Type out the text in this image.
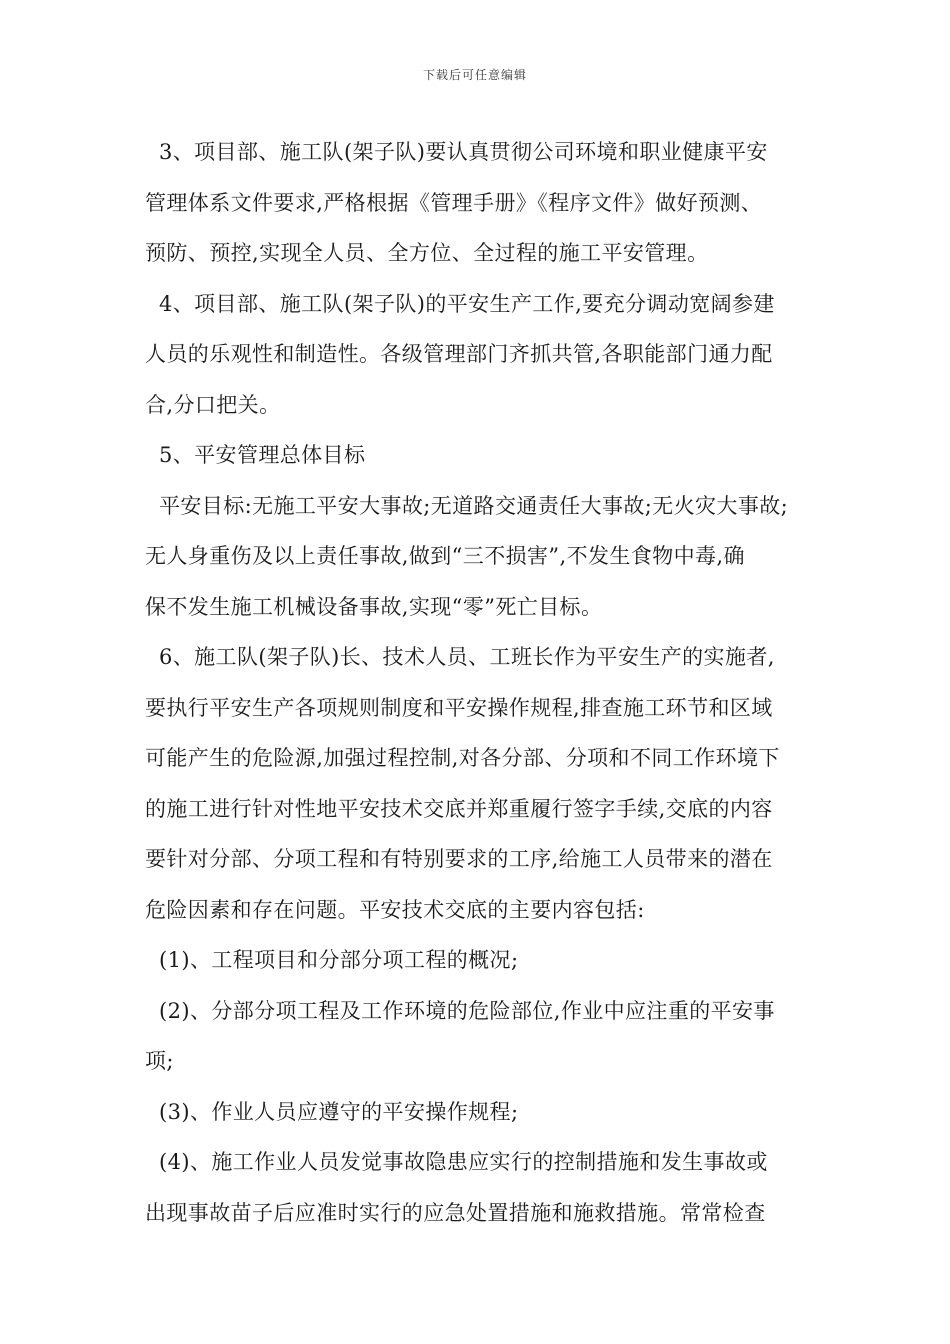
下载后可任意编辑
3、项目部、施工队(架子队)要认真贯彻公司环境和职业健康平安
管理体系文件要求,严格根据《管理手册》《程序文件》做好预测、
预防、预控,实现全人员、全方位、全过程的施工平安管理。
4、项目部、施工队(架子队)的平安生产工作,要充分调动宽阔参建
人员的乐观性和制造性。各级管理部门齐抓共管,各职能部门通力配
合,分口把关。
5、平安管理总体目标
平安目标:无施工平安大事故;无道路交通责任大事故;无火灾大事故;
无人身重伤及以上责任事故,做到“三不损害”,不发生食物中毒,确
保不发生施工机械设备事故,实现“零”死亡目标。
6、施工队(架子队)长、技术人员、工班长作为平安生产的实施者,
要执行平安生产各项规则制度和平安操作规程,排查施工环节和区域
可能产生的危险源,加强过程控制,对各分部、分项和不同工作环境下
的施工进行针对性地平安技术交底并郑重履行签字手续,交底的内容
要针对分部、分项工程和有特别要求的工序,给施工人员带来的潜在
危险因素和存在问题。平安技术交底的主要内容包括:
(1)、工程项目和分部分项工程的概况;
(2)、分部分项工程及工作环境的危险部位,作业中应注重的平安事
项;
(3)、作业人员应遵守的平安操作规程;
(4)、施工作业人员发觉事故隐患应实行的控制措施和发生事故或
出现事故苗子后应准时实行的应急处置措施和施救措施。常常检查
